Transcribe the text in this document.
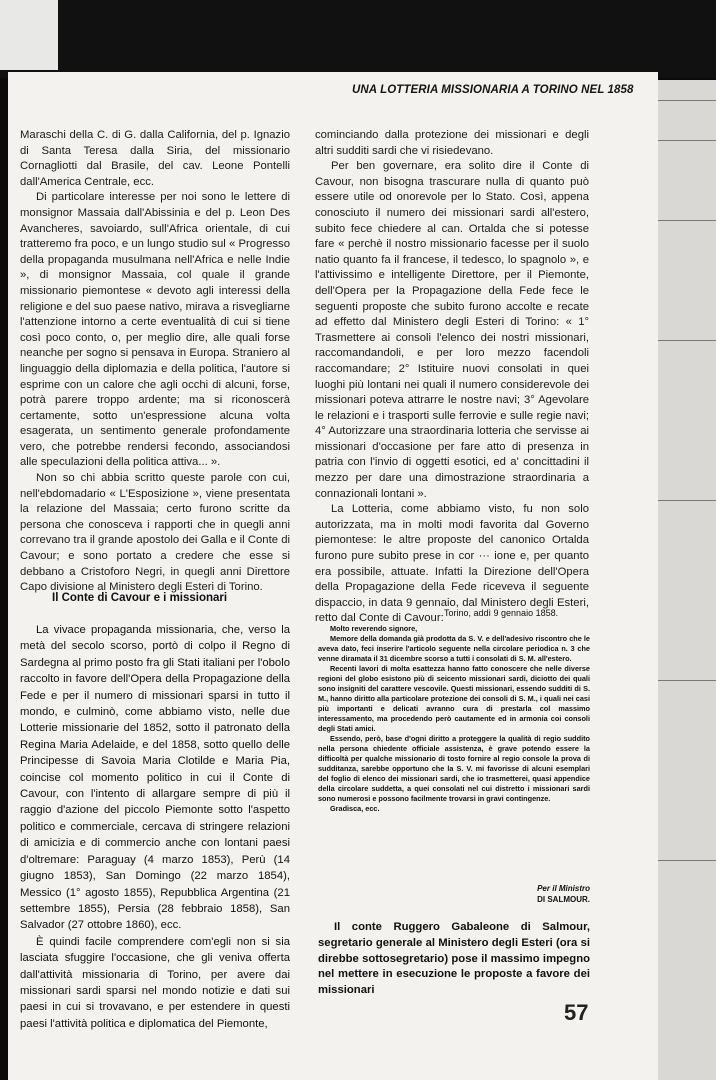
UNA LOTTERIA MISSIONARIA A TORINO NEL 1858

Maraschi della C. di G. dalla California, del p. Ignazio di Santa Teresa dalla Siria, del missionario Cornagliotti dal Brasile, del cav. Leone Pontelli dall'America Centrale, ecc.

Di particolare interesse per noi sono le lettere di monsignor Massaia dall'Abissinia e del p. Leon Des Avancheres, savoiardo, sull'Africa orientale, di cui tratteremo fra poco, e un lungo studio sul « Progresso della propaganda musulmana nell'Africa e nelle Indie », di monsignor Massaia, col quale il grande missionario piemontese « devoto agli interessi della religione e del suo paese nativo, mirava a risvegliarne l'attenzione intorno a certe eventualità di cui si tiene così poco conto, o, per meglio dire, alle quali forse neanche per sogno si pensava in Europa. Straniero al linguaggio della diplomazia e della politica, l'autore si esprime con un calore che agli occhi di alcuni, forse, potrà parere troppo ardente; ma si riconoscerà certamente, sotto un'espressione alcuna volta esagerata, un sentimento generale profondamente vero, che potrebbe rendersi fecondo, associandosi alle speculazioni della politica attiva... ».

Non so chi abbia scritto queste parole con cui, nell'ebdomadario « L'Esposizione », viene presentata la relazione del Massaia; certo furono scritte da persona che conosceva i rapporti che in quegli anni correvano tra il grande apostolo dei Galla e il Conte di Cavour; e sono portato a credere che esse si debbano a Cristoforo Negri, in quegli anni Direttore Capo divisione al Ministero degli Esteri di Torino.

Il Conte di Cavour e i missionari

La vivace propaganda missionaria, che, verso la metà del secolo scorso, portò di colpo il Regno di Sardegna al primo posto fra gli Stati italiani per l'obolo raccolto in favore dell'Opera della Propagazione della Fede e per il numero di missionari sparsi in tutto il mondo, e culminò, come abbiamo visto, nelle due Lotterie missionarie del 1852, sotto il patronato della Regina Maria Adelaide, e del 1858, sotto quello delle Principesse di Savoia Maria Clotilde e Maria Pia, coincise col momento politico in cui il Conte di Cavour, con l'intento di allargare sempre di più il raggio d'azione del piccolo Piemonte sotto l'aspetto politico e commerciale, cercava di stringere relazioni di amicizia e di commercio anche con lontani paesi d'oltremare: Paraguay (4 marzo 1853), Perù (14 giugno 1853), San Domingo (22 marzo 1854), Messico (1° agosto 1855), Repubblica Argentina (21 settembre 1855), Persia (28 febbraio 1858), San Salvador (27 ottobre 1860), ecc.

È quindi facile comprendere com'egli non si sia lasciata sfuggire l'occasione, che gli veniva offerta dall'attività missionaria di Torino, per avere dai missionari sardi sparsi nel mondo notizie e dati sui paesi in cui si trovavano, e per estendere in questi paesi l'attività politica e diplomatica del Piemonte,

cominciando dalla protezione dei missionari e degli altri sudditi sardi che vi risiedevano.

Per ben governare, era solito dire il Conte di Cavour, non bisogna trascurare nulla di quanto può essere utile od onorevole per lo Stato. Così, appena conosciuto il numero dei missionari sardi all'estero, subito fece chiedere al can. Ortalda che si potesse fare « perchè il nostro missionario facesse per il suolo natio quanto fa il francese, il tedesco, lo spagnolo », e l'attivissimo e intelligente Direttore, per il Piemonte, dell'Opera per la Propagazione della Fede fece le seguenti proposte che subito furono accolte e recate ad effetto dal Ministero degli Esteri di Torino: « 1° Trasmettere ai consoli l'elenco dei nostri missionari, raccomandandoli, e per loro mezzo facendoli raccomandare; 2° Istituire nuovi consolati in quei luoghi più lontani nei quali il numero considerevole dei missionari poteva attrarre le nostre navi; 3° Agevolare le relazioni e i trasporti sulle ferrovie e sulle regie navi; 4° Autorizzare una straordinaria lotteria che servisse ai missionari d'occasione per fare atto di presenza in patria con l'invio di oggetti esotici, ed a' concittadini il mezzo per dare una dimostrazione straordinaria a connazionali lontani ».

La Lotteria, come abbiamo visto, fu non solo autorizzata, ma in molti modi favorita dal Governo piemontese: le altre proposte del canonico Ortalda furono pure subito prese in cor ··· ione e, per quanto era possibile, attuate. Infatti la Direzione dell'Opera della Propagazione della Fede riceveva il seguente dispaccio, in data 9 gennaio, dal Ministero degli Esteri, retto dal Conte di Cavour: Torino, addì 9 gennaio 1858.

Molto reverendo signore,

Memore della domanda già prodotta da S. V. e dell'adesivo riscontro che le aveva dato, feci inserire l'articolo seguente nella circolare periodica n. 3 che venne diramata il 31 dicembre scorso a tutti i consolati di S. M. all'estero.

Recenti lavori di molta esattezza hanno fatto conoscere che nelle diverse regioni del globo esistono più di seicento missionari sardi, diciotto dei quali sono insigniti del carattere vescovile. Questi missionari, essendo sudditi di S. M., hanno diritto alla particolare protezione dei consoli di S. M., i quali nei casi più importanti e delicati avranno cura di prestarla col massimo interessamento, ma procedendo però cautamente ed in armonia coi consoli degli Stati amici.

Essendo, però, base d'ogni diritto a proteggere la qualità di regio suddito nella persona chiedente officiale assistenza, è grave potendo essere la difficoltà per qualche missionario di tosto fornire al regio console la prova di sudditanza, sarebbe opportuno che la S. V. mi favorisse di alcuni esemplari del foglio di elenco dei missionari sardi, che io trasmetterei, quasi appendice della circolare suddetta, a quei consolati nel cui distretto i missionari sardi sono numerosi e possono facilmente trovarsi in gravi contingenze.

Gradisca, ecc.

Per il Ministro
DI SALMOUR.

Il conte Ruggero Gabaleone di Salmour, segretario generale al Ministero degli Esteri (ora si direbbe sottosegretario) pose il massimo impegno nel mettere in esecuzione le proposte a favore dei missionari

57
